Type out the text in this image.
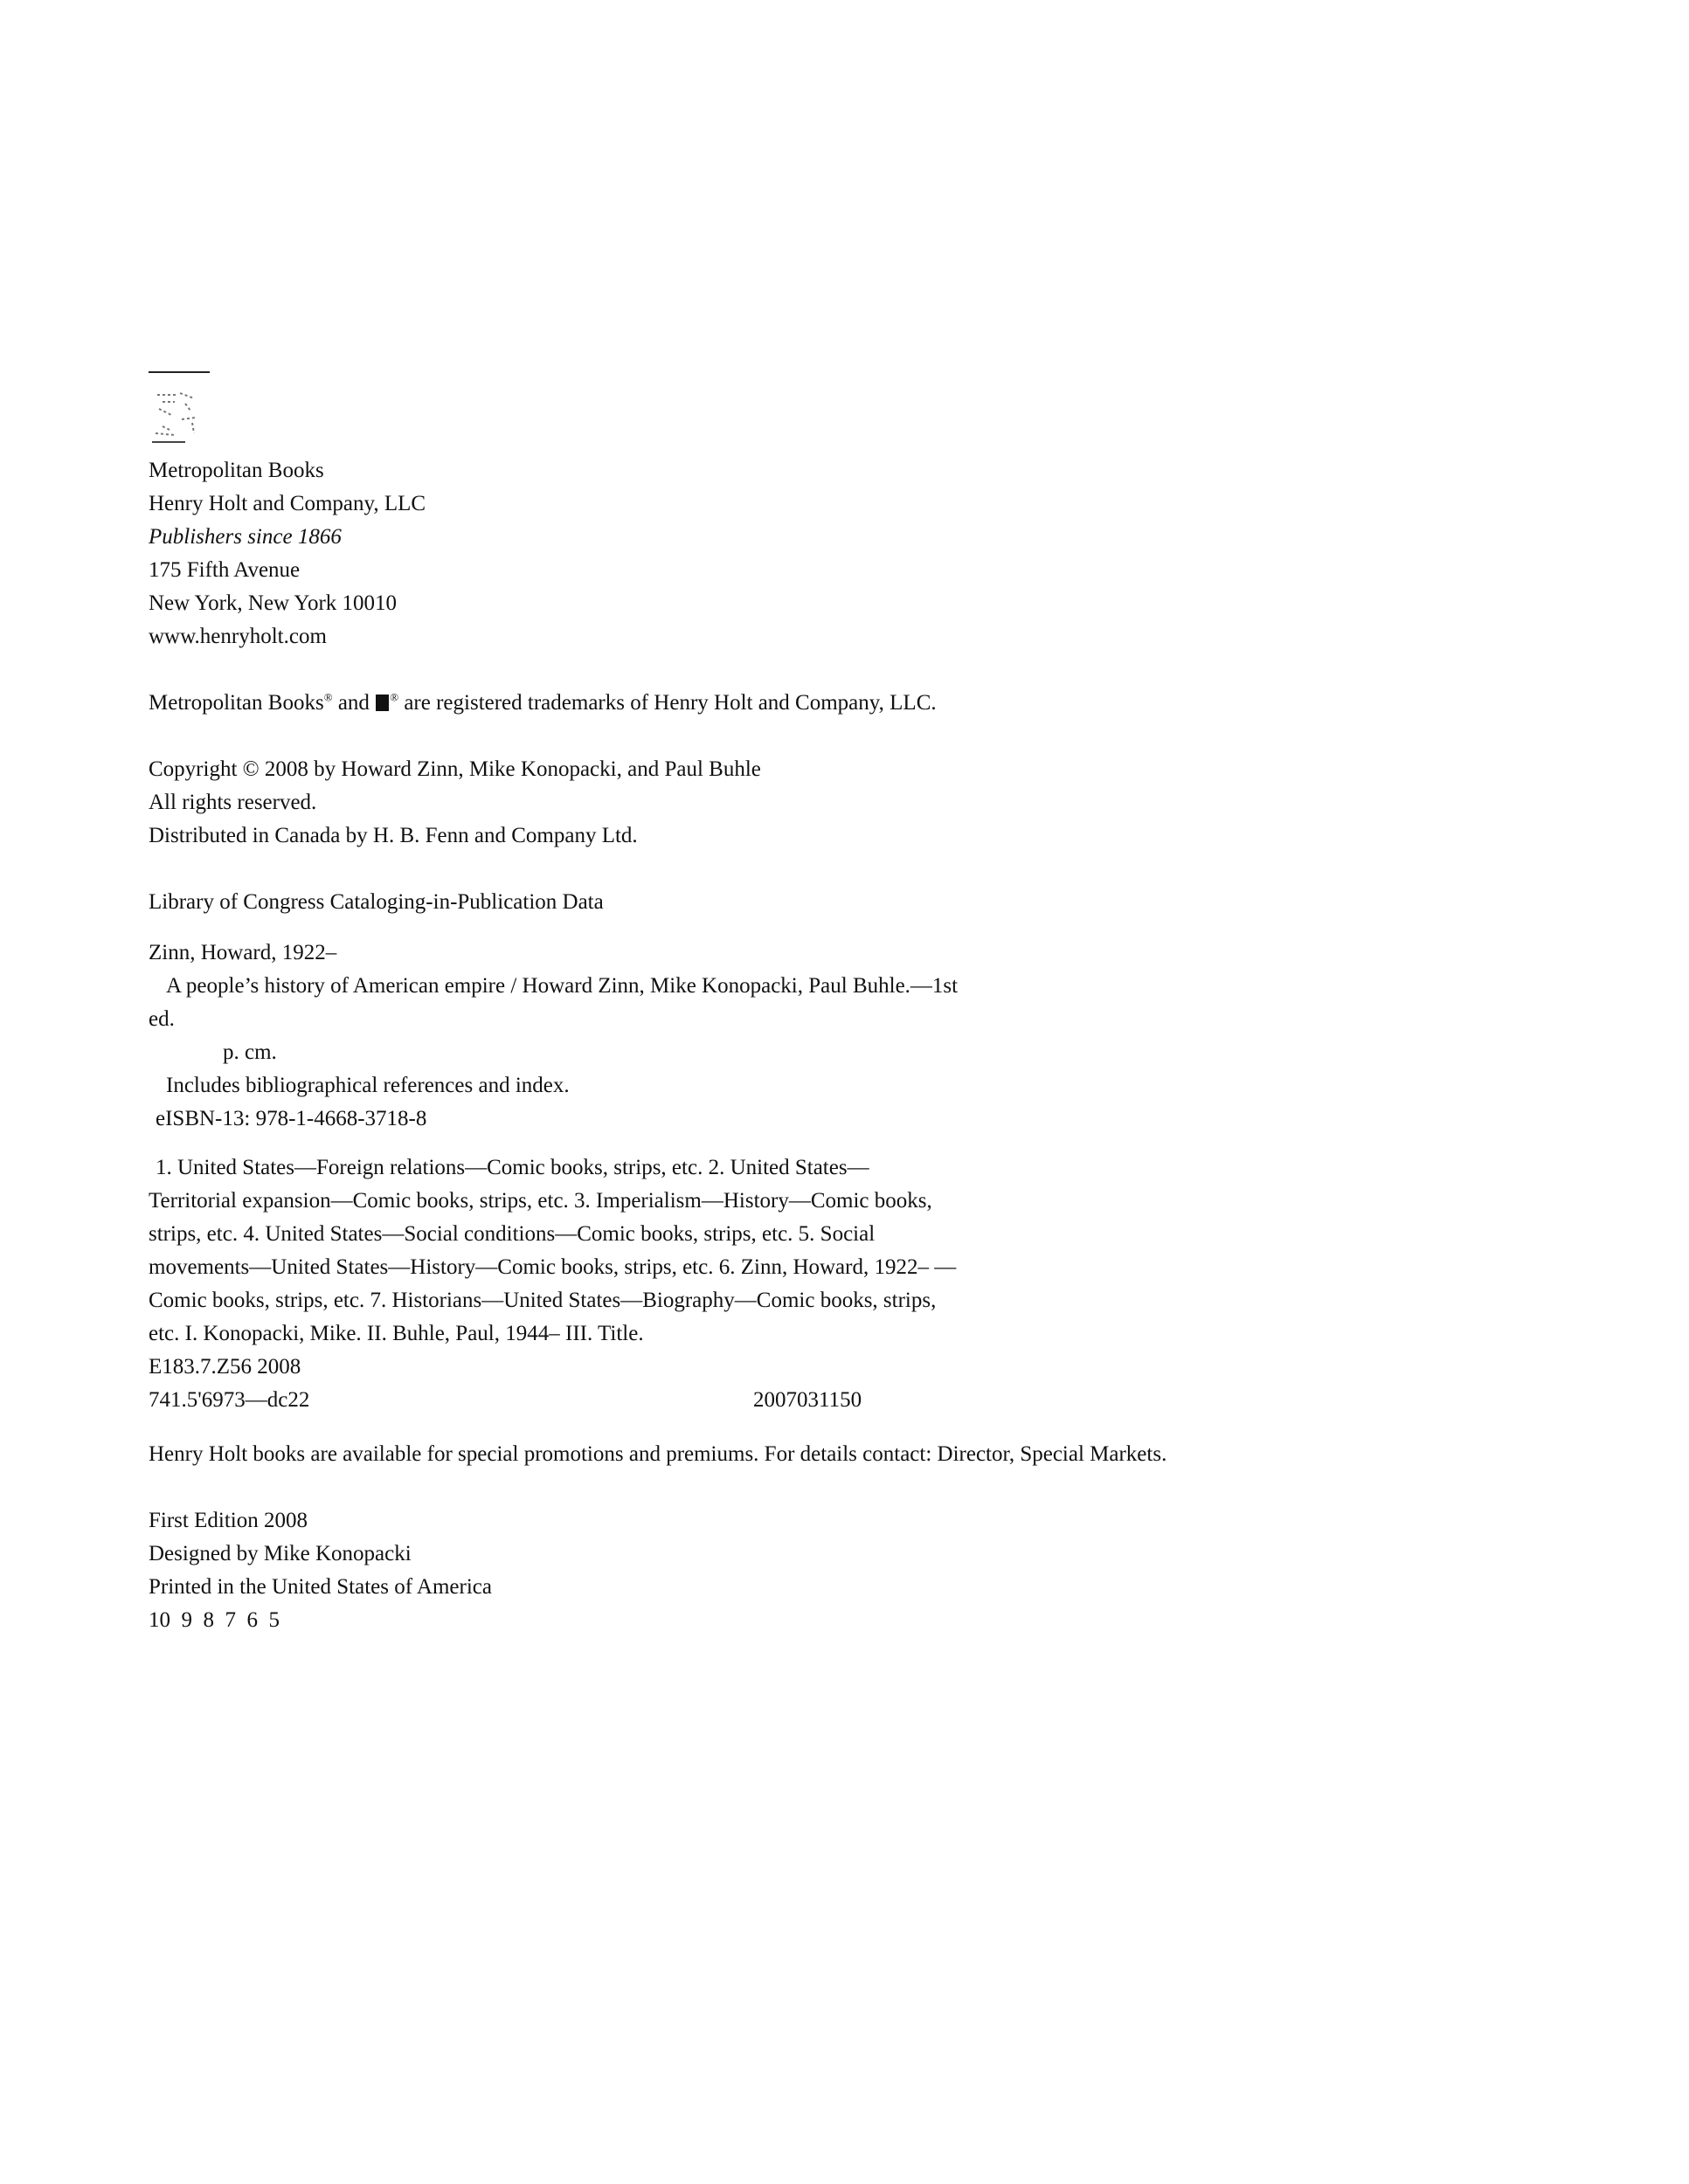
Metropolitan Books
Henry Holt and Company, LLC
Publishers since 1866
175 Fifth Avenue
New York, New York 10010
www.henryholt.com
Metropolitan Books® and ® are registered trademarks of Henry Holt and Company, LLC.
Copyright © 2008 by Howard Zinn, Mike Konopacki, and Paul Buhle
All rights reserved.
Distributed in Canada by H. B. Fenn and Company Ltd.
Library of Congress Cataloging-in-Publication Data
Zinn, Howard, 1922–
A people’s history of American empire / Howard Zinn, Mike Konopacki, Paul Buhle.—1st
ed.
p. cm.
Includes bibliographical references and index.
eISBN-13: 978-1-4668-3718-8
1. United States—Foreign relations—Comic books, strips, etc. 2. United States—
Territorial expansion—Comic books, strips, etc. 3. Imperialism—History—Comic books,
strips, etc. 4. United States—Social conditions—Comic books, strips, etc. 5. Social
movements—United States—History—Comic books, strips, etc. 6. Zinn, Howard, 1922– —
Comic books, strips, etc. 7. Historians—United States—Biography—Comic books, strips,
etc. I. Konopacki, Mike. II. Buhle, Paul, 1944– III. Title.
E183.7.Z56 2008
741.5'6973—dc22	2007031150
Henry Holt books are available for special promotions and premiums. For details contact: Director, Special Markets.
First Edition 2008
Designed by Mike Konopacki
Printed in the United States of America
10  9  8  7  6  5
